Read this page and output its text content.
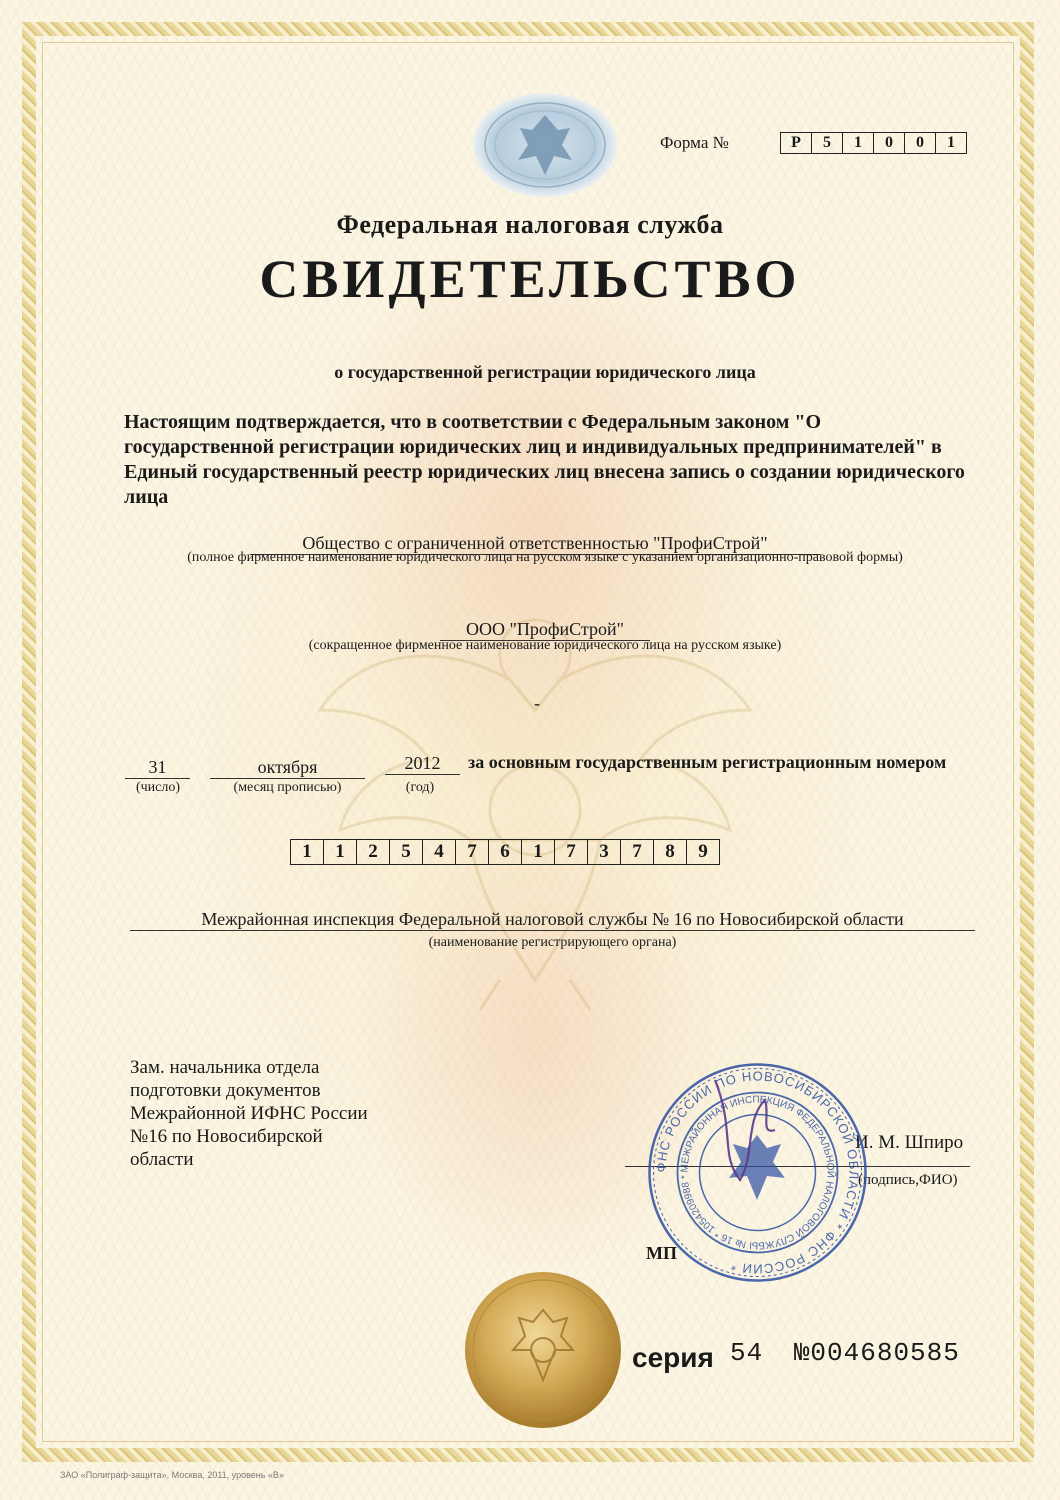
Форма №	Р	5	1	0	0	1
Федеральная налоговая служба
СВИДЕТЕЛЬСТВО
о государственной регистрации юридического лица
Настоящим подтверждается, что в соответствии с Федеральным законом "О государственной регистрации юридических лиц и индивидуальных предпринимателей" в Единый государственный реестр юридических лиц внесена запись о создании юридического лица
Общество с ограниченной ответственностью "ПрофиСтрой"
(полное фирменное наименование юридического лица на русском языке с указанием организационно-правовой формы)
ООО "ПрофиСтрой"
(сокращенное фирменное наименование юридического лица на русском языке)
-
31	октября	2012
(число)	(месяц прописью)	(год)
за основным государственным регистрационным номером
1	1	2	5	4	7	6	1	7	3	7	8	9
Межрайонная инспекция Федеральной налоговой службы № 16 по Новосибирской области
(наименование регистрирующего органа)
Зам. начальника отдела
подготовки документов
Межрайонной ИФНС России
№16 по Новосибирской
области
И. М. Шпиро
(подпись,ФИО)
ФНС РОССИИ ПО НОВОСИБИРСКОЙ ОБЛАСТИ * ФНС РОССИИ *
МЕЖРАЙОННАЯ ИНСПЕКЦИЯ ФЕДЕРАЛЬНОЙ НАЛОГОВОЙ СЛУЖБЫ № 16 * 1054209988 *
МП
серия 54 №004680585
ЗАО «Полиграф-защита», Москва, 2011, уровень «В»
